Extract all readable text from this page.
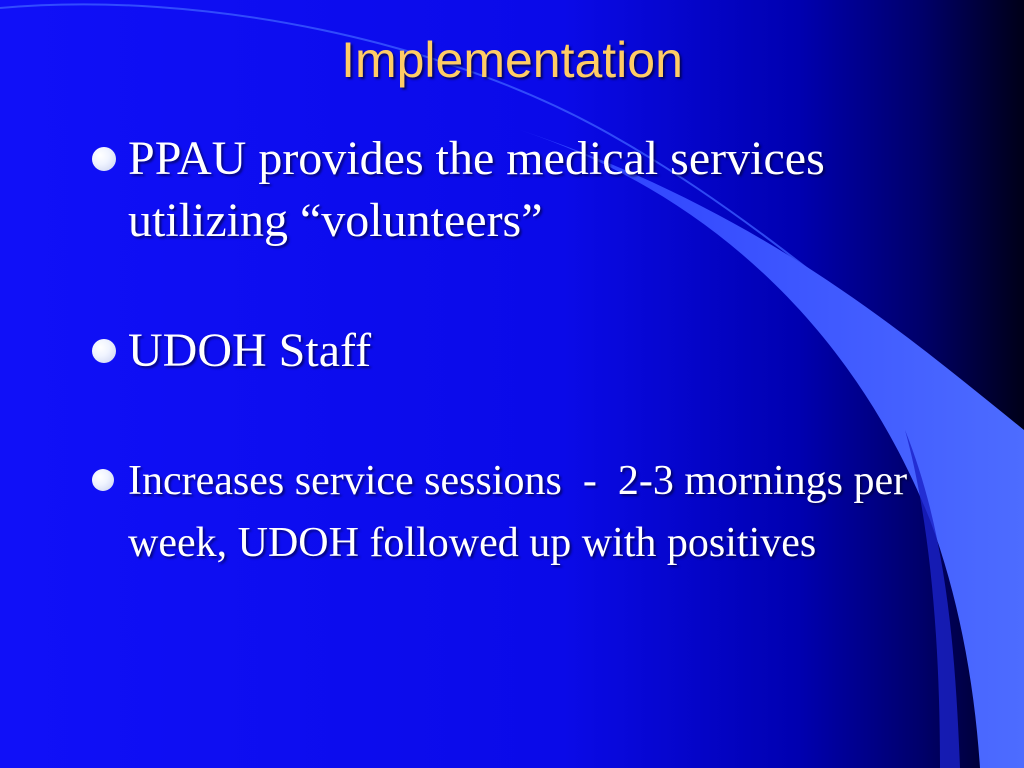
Implementation
PPAU provides the medical services utilizing “volunteers”
UDOH Staff
Increases service sessions  -  2-3 mornings per week, UDOH followed up with positives
